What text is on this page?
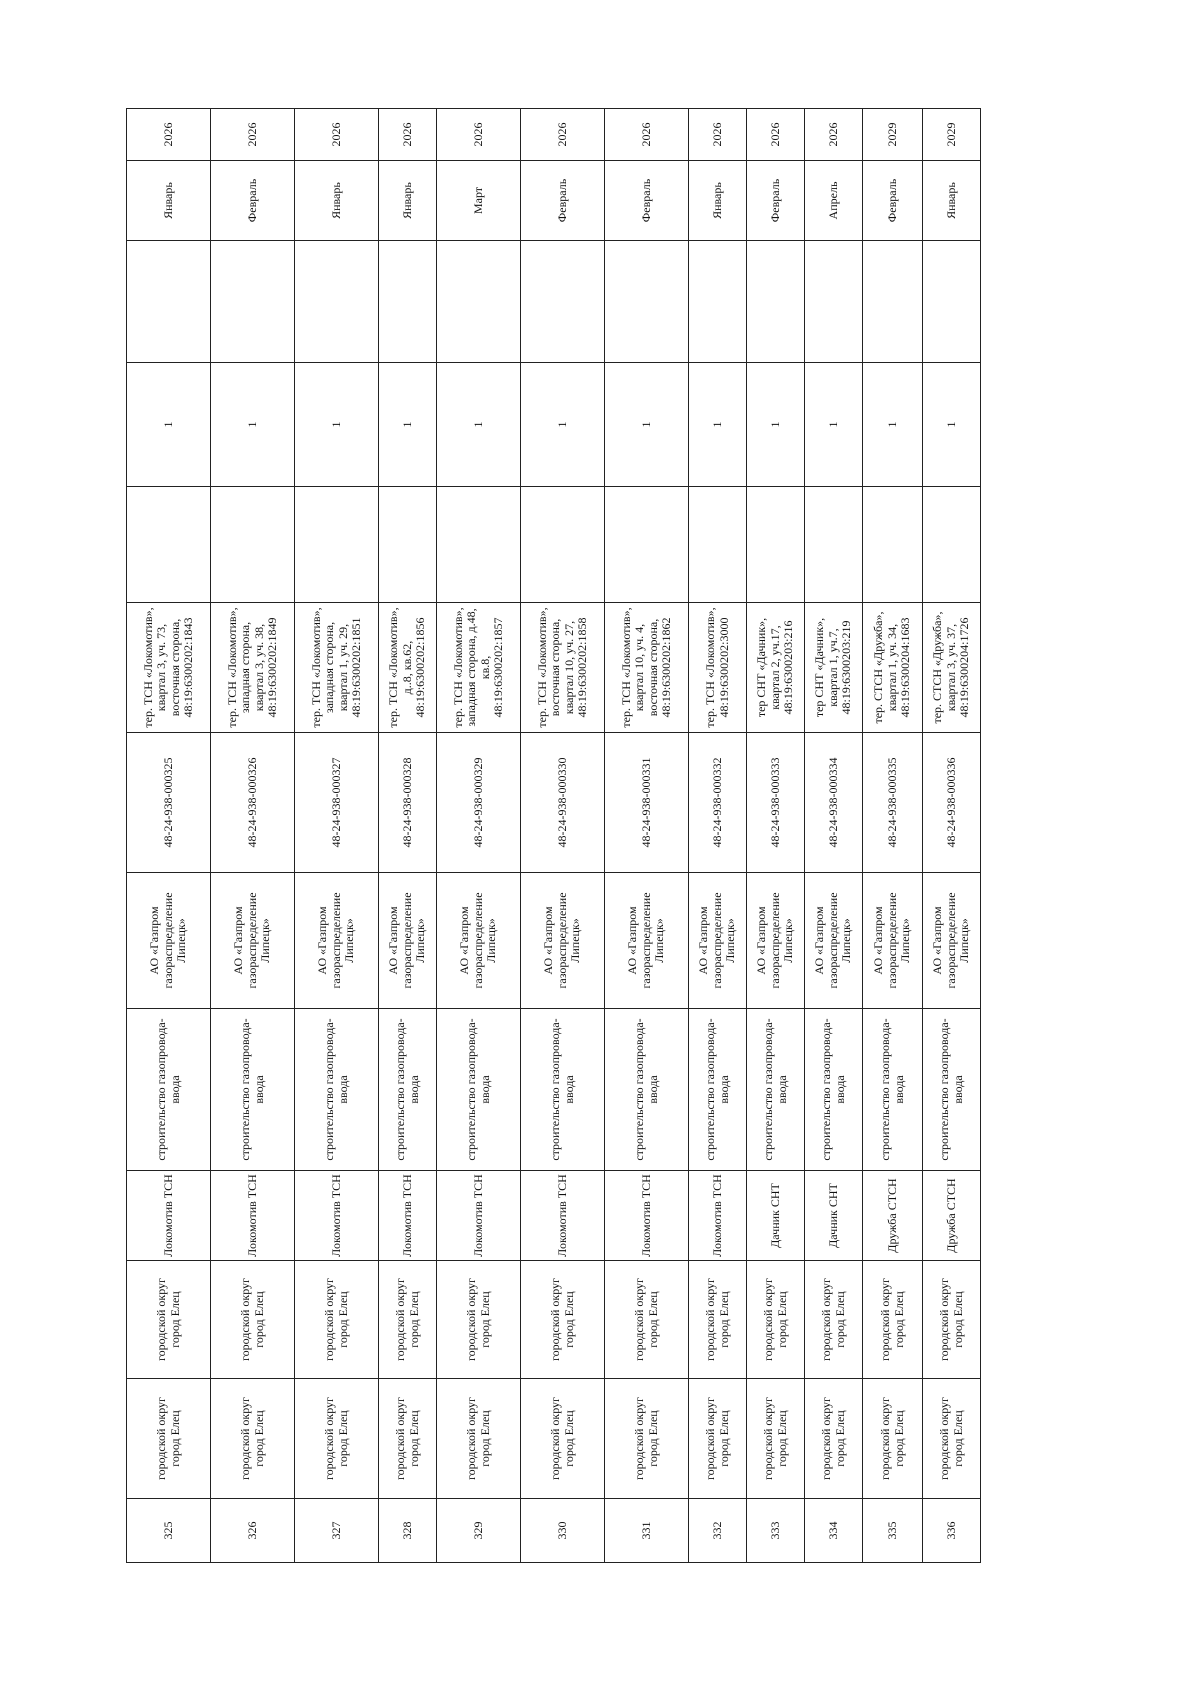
325	городской округ город Елец	городской округ город Елец	Локомотив ТСН	строительство газопровода-ввода	АО «Газпром газораспределение Липецк»	48-24-938-000325	тер. ТСН «Локомотив», квартал 3, уч. 73, восточная сторона, 48:19:6300202:1843		1		Январь	2026
326	городской округ город Елец	городской округ город Елец	Локомотив ТСН	строительство газопровода-ввода	АО «Газпром газораспределение Липецк»	48-24-938-000326	тер. ТСН «Локомотив», западная сторона, квартал 3, уч. 38, 48:19:6300202:1849		1		Февраль	2026
327	городской округ город Елец	городской округ город Елец	Локомотив ТСН	строительство газопровода-ввода	АО «Газпром газораспределение Липецк»	48-24-938-000327	тер. ТСН «Локомотив», западная сторона, квартал 1, уч. 29, 48:19:6300202:1851		1		Январь	2026
328	городской округ город Елец	городской округ город Елец	Локомотив ТСН	строительство газопровода-ввода	АО «Газпром газораспределение Липецк»	48-24-938-000328	тер. ТСН «Локомотив», д..8, кв.62, 48:19:6300202:1856		1		Январь	2026
329	городской округ город Елец	городской округ город Елец	Локомотив ТСН	строительство газопровода-ввода	АО «Газпром газораспределение Липецк»	48-24-938-000329	тер. ТСН «Локомотив», западная сторона, д.48, кв.8, 48:19:6300202:1857		1		Март	2026
330	городской округ город Елец	городской округ город Елец	Локомотив ТСН	строительство газопровода-ввода	АО «Газпром газораспределение Липецк»	48-24-938-000330	тер. ТСН «Локомотив», восточная сторона, квартал 10, уч. 27, 48:19:6300202:1858		1		Февраль	2026
331	городской округ город Елец	городской округ город Елец	Локомотив ТСН	строительство газопровода-ввода	АО «Газпром газораспределение Липецк»	48-24-938-000331	тер. ТСН «Локомотив», квартал 10, уч. 4, восточная сторона, 48:19:6300202:1862		1		Февраль	2026
332	городской округ город Елец	городской округ город Елец	Локомотив ТСН	строительство газопровода-ввода	АО «Газпром газораспределение Липецк»	48-24-938-000332	тер. ТСН «Локомотив», 48:19:6300202:3000		1		Январь	2026
333	городской округ город Елец	городской округ город Елец	Дачник СНТ	строительство газопровода-ввода	АО «Газпром газораспределение Липецк»	48-24-938-000333	тер СНТ «Дачник», квартал 2, уч.17, 48:19:6300203:216		1		Февраль	2026
334	городской округ город Елец	городской округ город Елец	Дачник СНТ	строительство газопровода-ввода	АО «Газпром газораспределение Липецк»	48-24-938-000334	тер СНТ «Дачник», квартал 1, уч.7, 48:19:6300203:219		1		Апрель	2026
335	городской округ город Елец	городской округ город Елец	Дружба СТСН	строительство газопровода-ввода	АО «Газпром газораспределение Липецк»	48-24-938-000335	тер. СТСН «Дружба», квартал 1, уч. 34, 48:19:6300204:1683		1		Февраль	2029
336	городской округ город Елец	городской округ город Елец	Дружба СТСН	строительство газопровода-ввода	АО «Газпром газораспределение Липецк»	48-24-938-000336	тер. СТСН «Дружба», квартал 3, уч. 37, 48:19:6300204:1726		1		Январь	2029
